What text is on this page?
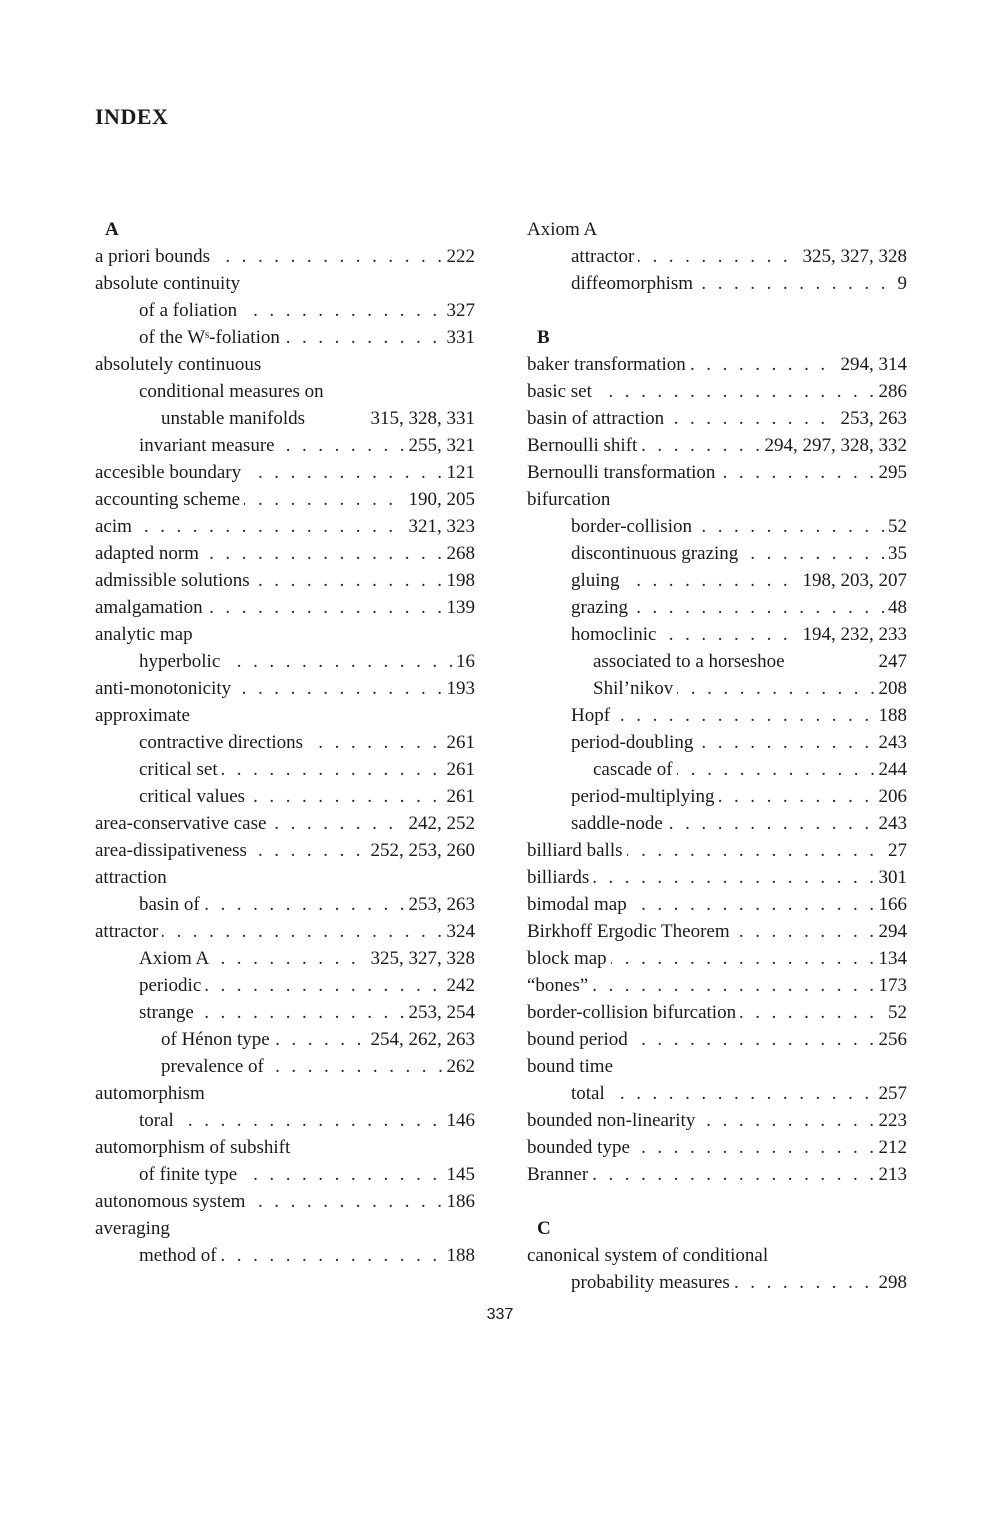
INDEX
A
. . . a priori bounds	222
absolute continuity
. . . of a foliation	327
. . . of the Wˢ-foliation	331
absolutely continuous
conditional measures on
unstable manifolds	315, 328, 331
. . . invariant measure	255, 321
. . . accesible boundary	121
. . . accounting scheme	190, 205
. . . acim	321, 323
. . . adapted norm	268
. . . admissible solutions	198
. . . amalgamation	139
analytic map
. . . hyperbolic	16
. . . anti-monotonicity	193
approximate
. . . contractive directions	261
. . . critical set	261
. . . critical values	261
. . . area-conservative case	242, 252
. . . area-dissipativeness	252, 253, 260
attraction
. . . basin of	253, 263
. . . attractor	324
. . . Axiom A	325, 327, 328
. . . periodic	242
. . . strange	253, 254
. . . of Hénon type	254, 262, 263
. . . prevalence of	262
automorphism
. . . toral	146
automorphism of subshift
. . . of finite type	145
. . . autonomous system	186
averaging
. . . method of	188
Axiom A
. . . attractor	325, 327, 328
. . . diffeomorphism	9
B
. . . baker transformation	294, 314
. . . basic set	286
. . . basin of attraction	253, 263
. . . Bernoulli shift	294, 297, 328, 332
. . . Bernoulli transformation	295
bifurcation
. . . border-collision	52
. . . discontinuous grazing	35
. . . gluing	198, 203, 207
. . . grazing	48
. . . homoclinic	194, 232, 233
associated to a horseshoe	247
. . . Shil’nikov	208
. . . Hopf	188
. . . period-doubling	243
. . . cascade of	244
. . . period-multiplying	206
. . . saddle-node	243
. . . billiard balls	27
. . . billiards	301
. . . bimodal map	166
. . . Birkhoff Ergodic Theorem	294
. . . block map	134
. . . “bones”	173
. . . border-collision bifurcation	52
. . . bound period	256
bound time
. . . total	257
. . . bounded non-linearity	223
. . . bounded type	212
. . . Branner	213
C
canonical system of conditional
. . . probability measures	298
337
